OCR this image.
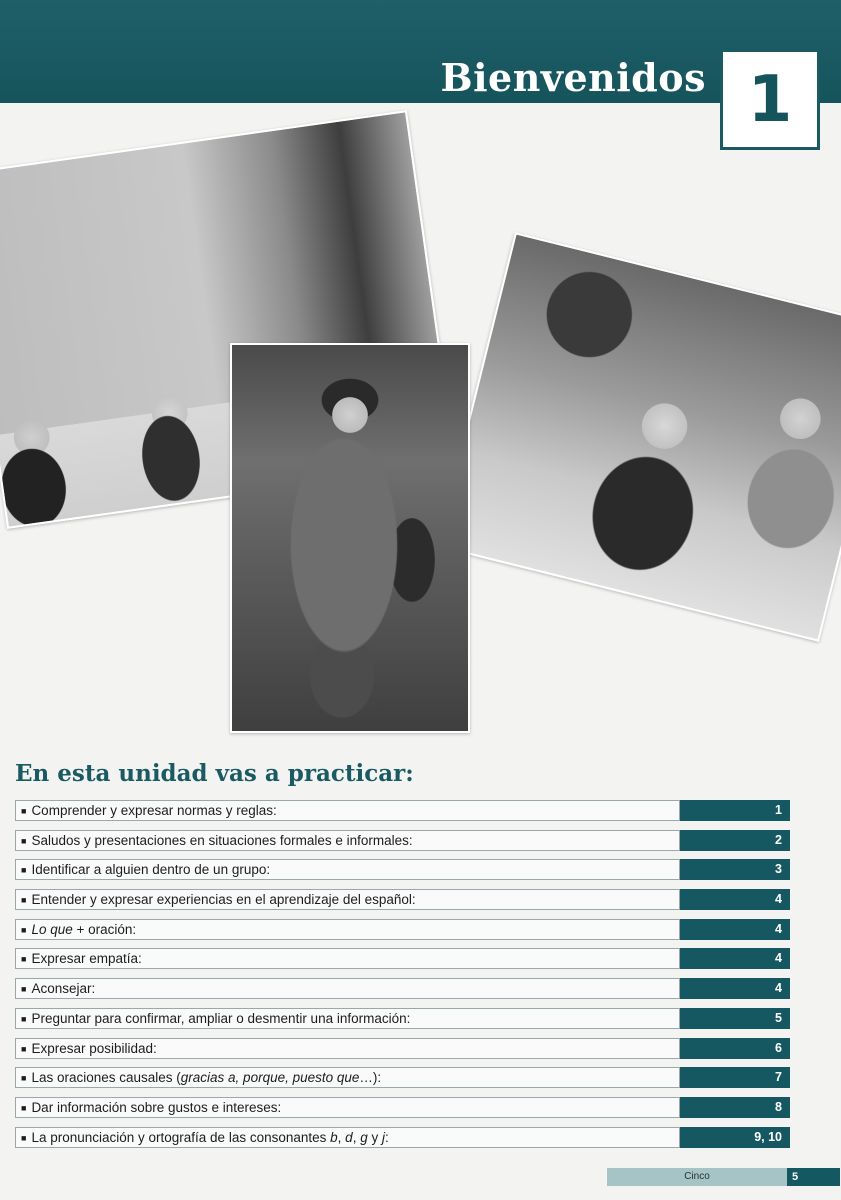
Bienvenidos 1
En esta unidad vas a practicar:
■ Comprender y expresar normas y reglas:	1
■ Saludos y presentaciones en situaciones formales e informales:	2
■ Identificar a alguien dentro de un grupo:	3
■ Entender y expresar experiencias en el aprendizaje del español:	4
■ Lo que + oración:	4
■ Expresar empatía:	4
■ Aconsejar:	4
■ Preguntar para confirmar, ampliar o desmentir una información:	5
■ Expresar posibilidad:	6
■ Las oraciones causales (gracias a, porque, puesto que…):	7
■ Dar información sobre gustos e intereses:	8
■ La pronunciación y ortografía de las consonantes b, d, g y j:	9, 10
Cinco	5
